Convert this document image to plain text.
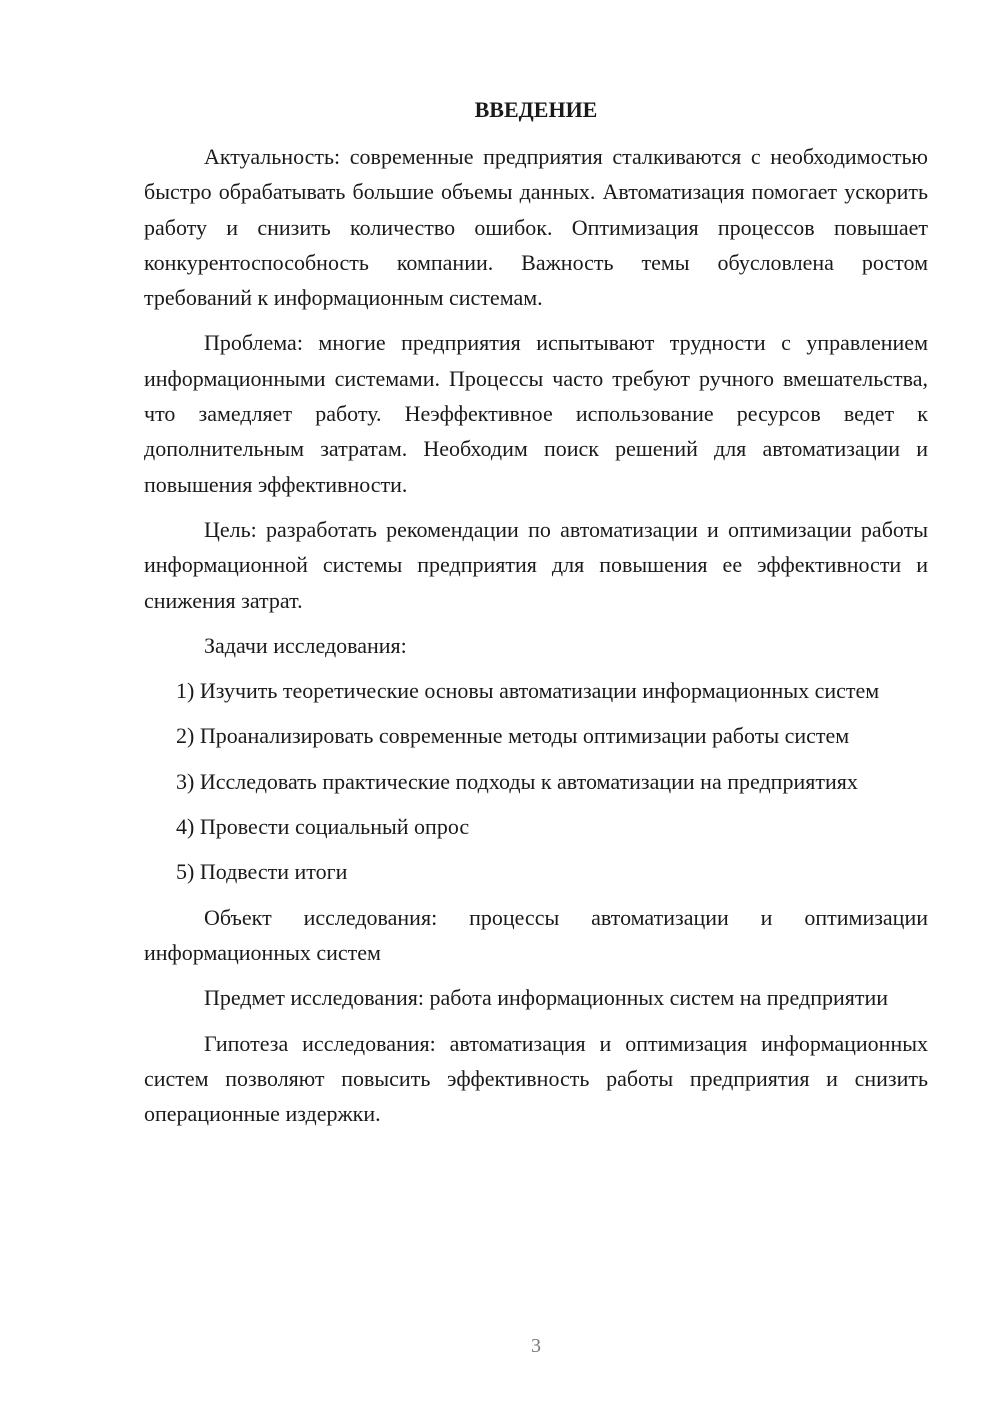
ВВЕДЕНИЕ

Актуальность: современные предприятия сталкиваются с необходимостью быстро обрабатывать большие объемы данных. Автоматизация помогает ускорить работу и снизить количество ошибок. Оптимизация процессов повышает конкурентоспособность компании. Важность темы обусловлена ростом требований к информационным системам.

Проблема: многие предприятия испытывают трудности с управлением информационными системами. Процессы часто требуют ручного вмешательства, что замедляет работу. Неэффективное использование ресурсов ведет к дополнительным затратам. Необходим поиск решений для автоматизации и повышения эффективности.

Цель: разработать рекомендации по автоматизации и оптимизации работы информационной системы предприятия для повышения ее эффективности и снижения затрат.

Задачи исследования:

1) Изучить теоретические основы автоматизации информационных систем

2) Проанализировать современные методы оптимизации работы систем

3) Исследовать практические подходы к автоматизации на предприятиях

4) Провести социальный опрос

5) Подвести итоги

Объект исследования: процессы автоматизации и оптимизации информационных систем

Предмет исследования: работа информационных систем на предприятии

Гипотеза исследования: автоматизация и оптимизация информационных систем позволяют повысить эффективность работы предприятия и снизить операционные издержки.

3
